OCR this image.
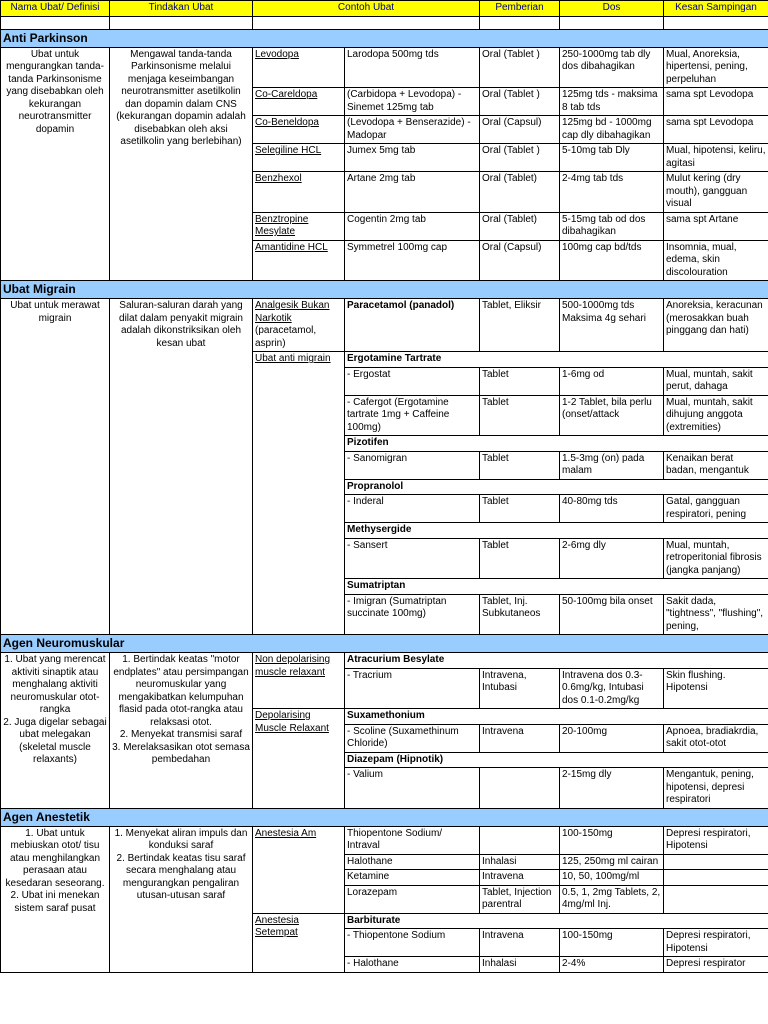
Nama Ubat/ Definisi	Tindakan Ubat	Contoh Ubat		Pemberian	Dos	Kesan Sampingan

Anti Parkinson						
Ubat untuk mengurangkan tanda-tanda Parkinsonisme yang disebabkan oleh kekurangan neurotransmitter dopamin	Mengawal tanda-tanda Parkinsonisme melalui menjaga keseimbangan neurotransmitter asetilkolin dan dopamin dalam CNS (kekurangan dopamin adalah disebabkan oleh aksi asetilkolin yang berlebihan)	Levodopa	Larodopa 500mg tds	Oral (Tablet )	250-1000mg tab dly dos dibahagikan	Mual, Anoreksia, hipertensi, pening, perpeluhan
		Co-Careldopa	(Carbidopa + Levodopa) - Sinemet 125mg tab	Oral (Tablet )	125mg tds - maksima 8 tab tds	sama spt Levodopa
		Co-Beneldopa	(Levodopa + Benserazide) - Madopar	Oral (Capsul)	125mg bd - 1000mg cap dly dibahagikan	sama spt Levodopa
		Selegiline HCL	Jumex 5mg tab	Oral (Tablet )	5-10mg tab Dly	Mual, hipotensi, keliru, agitasi
		Benzhexol	Artane 2mg tab	Oral (Tablet)	2-4mg tab tds	Mulut kering (dry mouth), gangguan visual
		Benztropine Mesylate	Cogentin 2mg tab	Oral (Tablet)	5-15mg tab od dos dibahagikan	sama spt Artane
		Amantidine HCL	Symmetrel 100mg cap	Oral (Capsul)	100mg cap bd/tds	Insomnia, mual, edema, skin discolouration
Ubat Migrain						
Ubat untuk merawat migrain	Saluran-saluran darah yang dilat dalam penyakit migrain adalah dikonstriksikan oleh kesan ubat	Analgesik Bukan Narkotik (paracetamol, asprin)	Paracetamol (panadol)	Tablet, Eliksir	500-1000mg tds Maksima 4g sehari	Anoreksia, keracunan (merosakkan buah pinggang dan hati)
		Ubat anti migrain	Ergotamine Tartrate			
			- Ergostat	Tablet	1-6mg od	Mual, muntah, sakit perut, dahaga
			- Cafergot (Ergotamine tartrate 1mg + Caffeine 100mg)	Tablet	1-2 Tablet, bila perlu (onset/attack	Mual, muntah, sakit dihujung anggota (extremities)
			Pizotifen			
			- Sanomigran	Tablet	1.5-3mg (on) pada malam	Kenaikan berat badan, mengantuk
			Propranolol			
			- Inderal	Tablet	40-80mg tds	Gatal, gangguan respiratori, pening
			Methysergide			
			- Sansert	Tablet	2-6mg dly	Mual, muntah, retroperitonial fibrosis (jangka panjang)
			Sumatriptan			
			- Imigran (Sumatriptan succinate 100mg)	Tablet, Inj. Subkutaneos	50-100mg bila onset	Sakit dada, "tightness", "flushing", pening,
Agen Neuromuskular						
1. Ubat yang merencat aktiviti sinaptik atau menghalang aktiviti neuromuskular otot-rangka
2. Juga digelar sebagai ubat melegakan (skeletal muscle relaxants)	1. Bertindak keatas "motor endplates" atau persimpangan neuromuskular yang mengakibatkan kelumpuhan flasid pada otot-rangka atau relaksasi otot.
2. Menyekat transmisi saraf
3. Merelaksasikan otot semasa pembedahan	Non depolarising muscle relaxant	Atracurium Besylate			
			- Tracrium	Intravena, Intubasi	Intravena dos 0.3-0.6mg/kg, Intubasi dos 0.1-0.2mg/kg	Skin flushing. Hipotensi
		Depolarising Muscle Relaxant	Suxamethonium			
			- Scoline (Suxamethinum Chloride)	Intravena	20-100mg	Apnoea, bradiakrdia, sakit otot-otot
			Diazepam (Hipnotik)			
			- Valium		2-15mg dly	Mengantuk, pening, hipotensi, depresi respiratori
Agen Anestetik						
1. Ubat untuk mebiuskan otot/ tisu atau menghilangkan perasaan atau kesedaran seseorang.
2. Ubat ini menekan sistem saraf pusat	1. Menyekat aliran impuls dan konduksi saraf
2. Bertindak keatas tisu saraf secara menghalang atau mengurangkan pengaliran utusan-utusan saraf	Anestesia Am	Thiopentone Sodium/ Intraval		100-150mg	Depresi respiratori, Hipotensi
			Halothane	Inhalasi	125, 250mg ml cairan	
			Ketamine	Intravena	10, 50, 100mg/ml	
			Lorazepam	Tablet, Injection parentral	0.5, 1, 2mg Tablets, 2, 4mg/ml Inj.	
		Anestesia Setempat	Barbiturate			
			- Thiopentone Sodium	Intravena	100-150mg	Depresi respiratori, Hipotensi
			- Halothane	Inhalasi	2-4%	Depresi respirator
